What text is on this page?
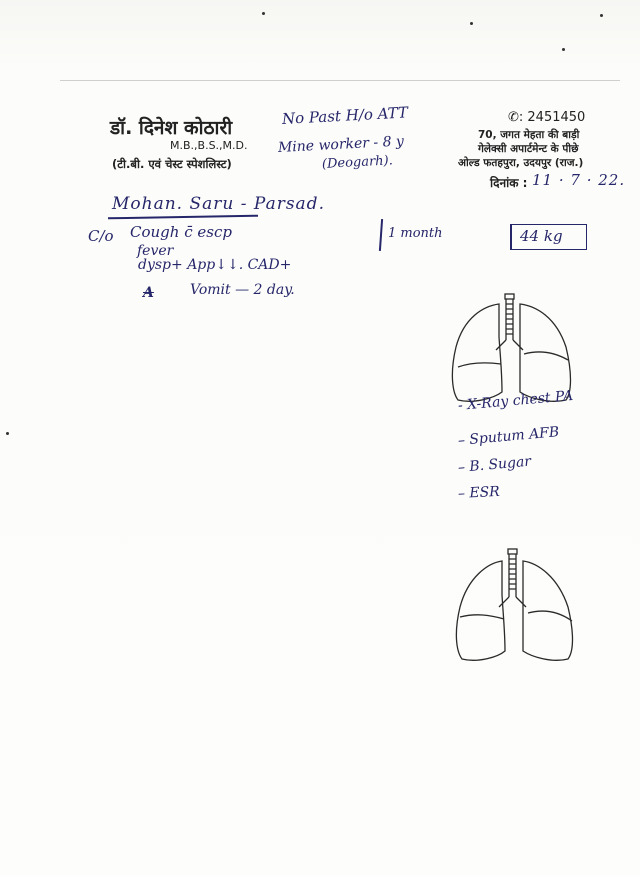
डॉ. दिनेश कोठारी
M.B.,B.S.,M.D.
(टी.बी. एवं चेस्ट स्पेशलिस्ट)
✆: 2451450
70, जगत मेहता की बाड़ी
गेलेक्सी अपार्टमेन्ट के पीछे
ओल्ड फतहपुरा, उदयपुर (राज.)
दिनांक : 11 · 7 · 22.
No Past H/o ATT
Mine worker - 8 y
(Deogarh).
Mohan. Saru - Parsad.
C/o Cough c̄ escp
fever
dysp+ App↓↓. CAD+
A	Vomit — 2 day.
1 month	44 kg
- X-Ray chest PA
– Sputum AFB
– B. Sugar
– ESR
